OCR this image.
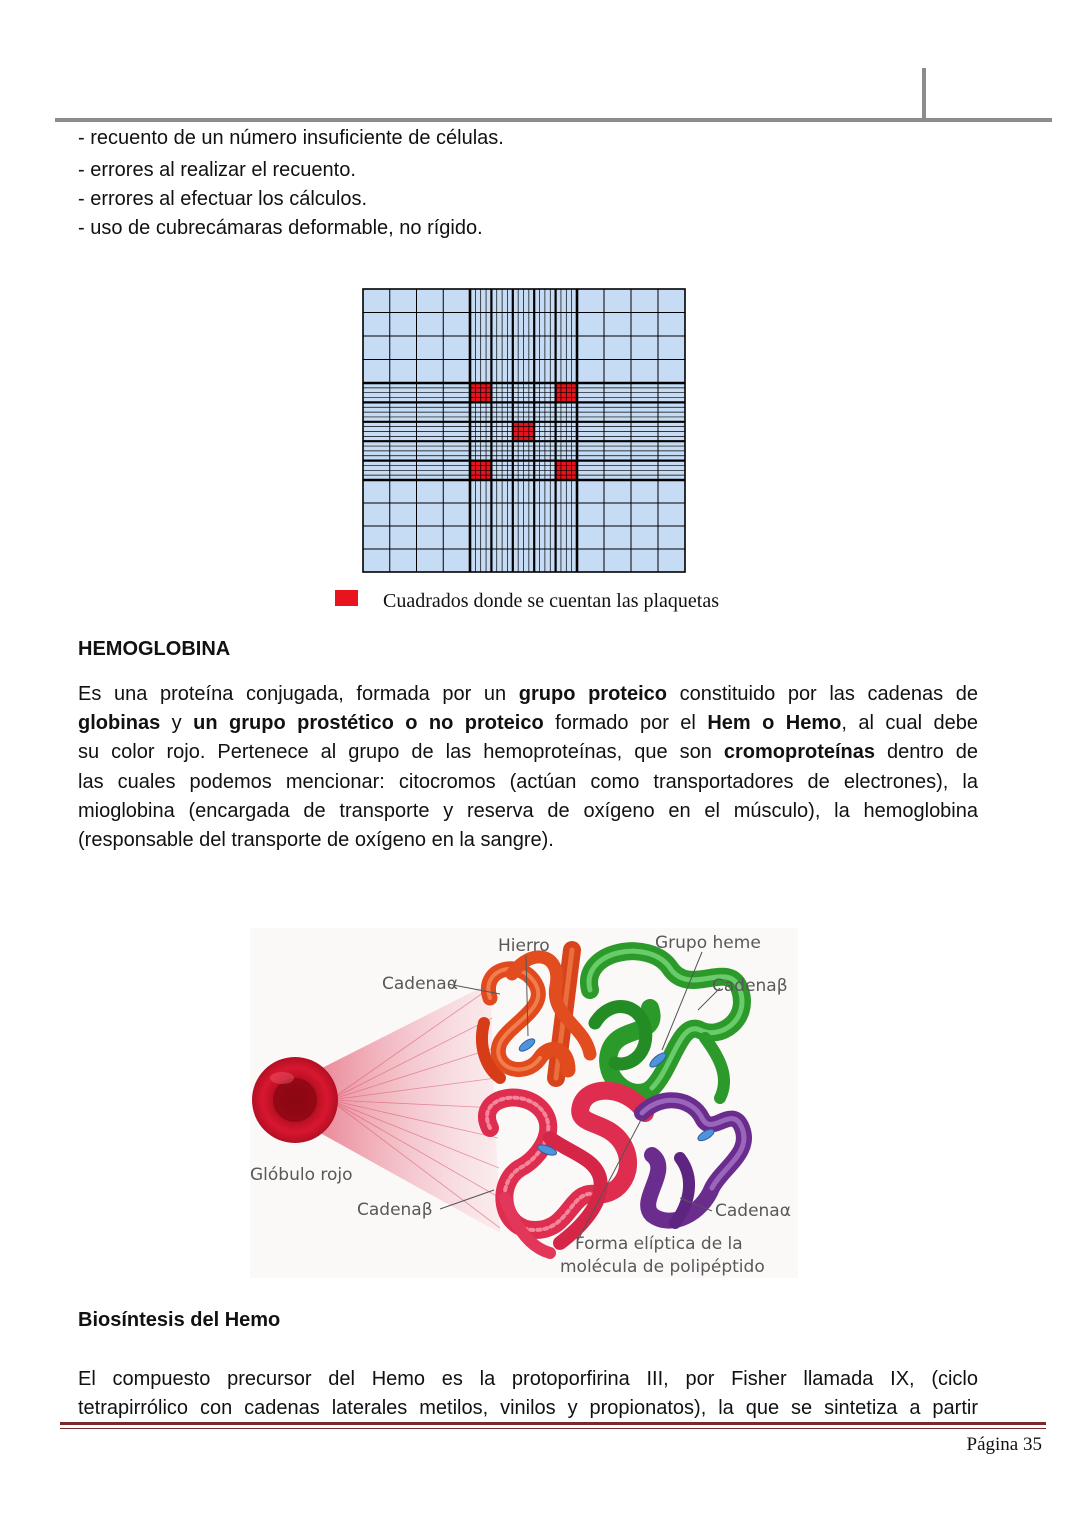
- recuento de un número insuficiente de células.
- errores al realizar el recuento.
- errores al efectuar los cálculos.
- uso de cubrecámaras deformable, no rígido.
Cuadrados donde se cuentan las plaquetas
HEMOGLOBINA
Es una proteína conjugada, formada por un grupo proteico constituido por las cadenas de
globinas y un grupo prostético o no proteico formado por el Hem o Hemo, al cual debe
su color rojo. Pertenece al grupo de las hemoproteínas, que son cromoproteínas dentro de
las cuales podemos mencionar: citocromos (actúan como transportadores de electrones), la
mioglobina (encargada de transporte y reserva de oxígeno en el músculo), la hemoglobina
(responsable del transporte de oxígeno en la sangre).
Hierro	Grupo heme
Cadenaα	Cadenaβ
Glóbulo rojo
Cadenaβ	Cadenaα
Forma elíptica de la
molécula de polipéptido
Biosíntesis del Hemo
El compuesto precursor del Hemo es la protoporfirina III, por Fisher llamada IX, (ciclo
tetrapirrólico con cadenas laterales metilos, vinilos y propionatos), la que se sintetiza a partir
Página 35
